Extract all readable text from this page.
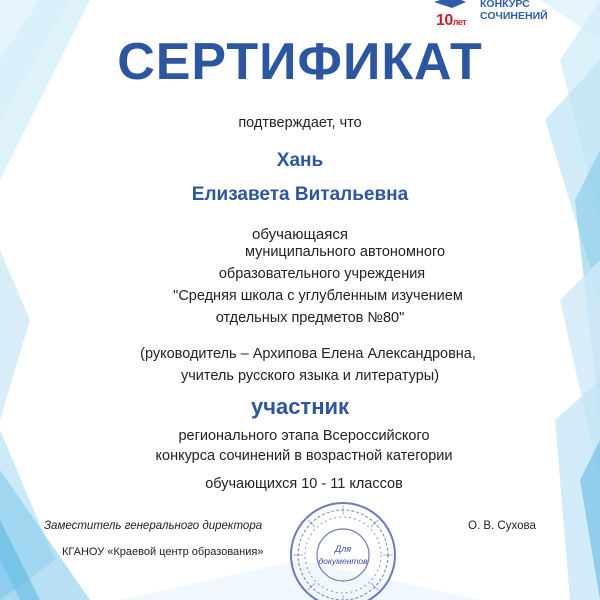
10лет
КОНКУРС
СОЧИНЕНИЙ
СЕРТИФИКАТ
подтверждает, что
Хань
Елизавета Витальевна
обучающаяся
муниципального автономного
образовательного учреждения
"Средняя школа с углубленным изучением
отдельных предметов №80"
(руководитель – Архипова Елена Александровна,
учитель русского языка и литературы)
участник
регионального этапа Всероссийского
конкурса сочинений в возрастной категории
обучающихся 10 - 11 классов
Заместитель генерального директора
КГАНОУ «Краевой центр образования»
О. В. Сухова
Для
документов
